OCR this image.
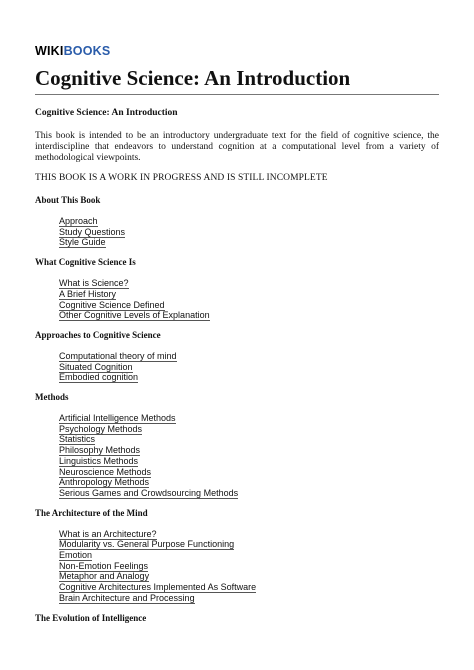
WIKIBOOKS
Cognitive Science: An Introduction

Cognitive Science: An Introduction

This book is intended to be an introductory undergraduate text for the field of cognitive science, the interdiscipline that endeavors to understand cognition at a computational level from a variety of methodological viewpoints.

THIS BOOK IS A WORK IN PROGRESS AND IS STILL INCOMPLETE

About This Book

Approach
Study Questions
Style Guide

What Cognitive Science Is

What is Science?
A Brief History
Cognitive Science Defined
Other Cognitive Levels of Explanation

Approaches to Cognitive Science

Computational theory of mind
Situated Cognition
Embodied cognition

Methods

Artificial Intelligence Methods
Psychology Methods
Statistics
Philosophy Methods
Linguistics Methods
Neuroscience Methods
Anthropology Methods
Serious Games and Crowdsourcing Methods

The Architecture of the Mind

What is an Architecture?
Modularity vs. General Purpose Functioning
Emotion
Non-Emotion Feelings
Metaphor and Analogy
Cognitive Architectures Implemented As Software
Brain Architecture and Processing

The Evolution of Intelligence
